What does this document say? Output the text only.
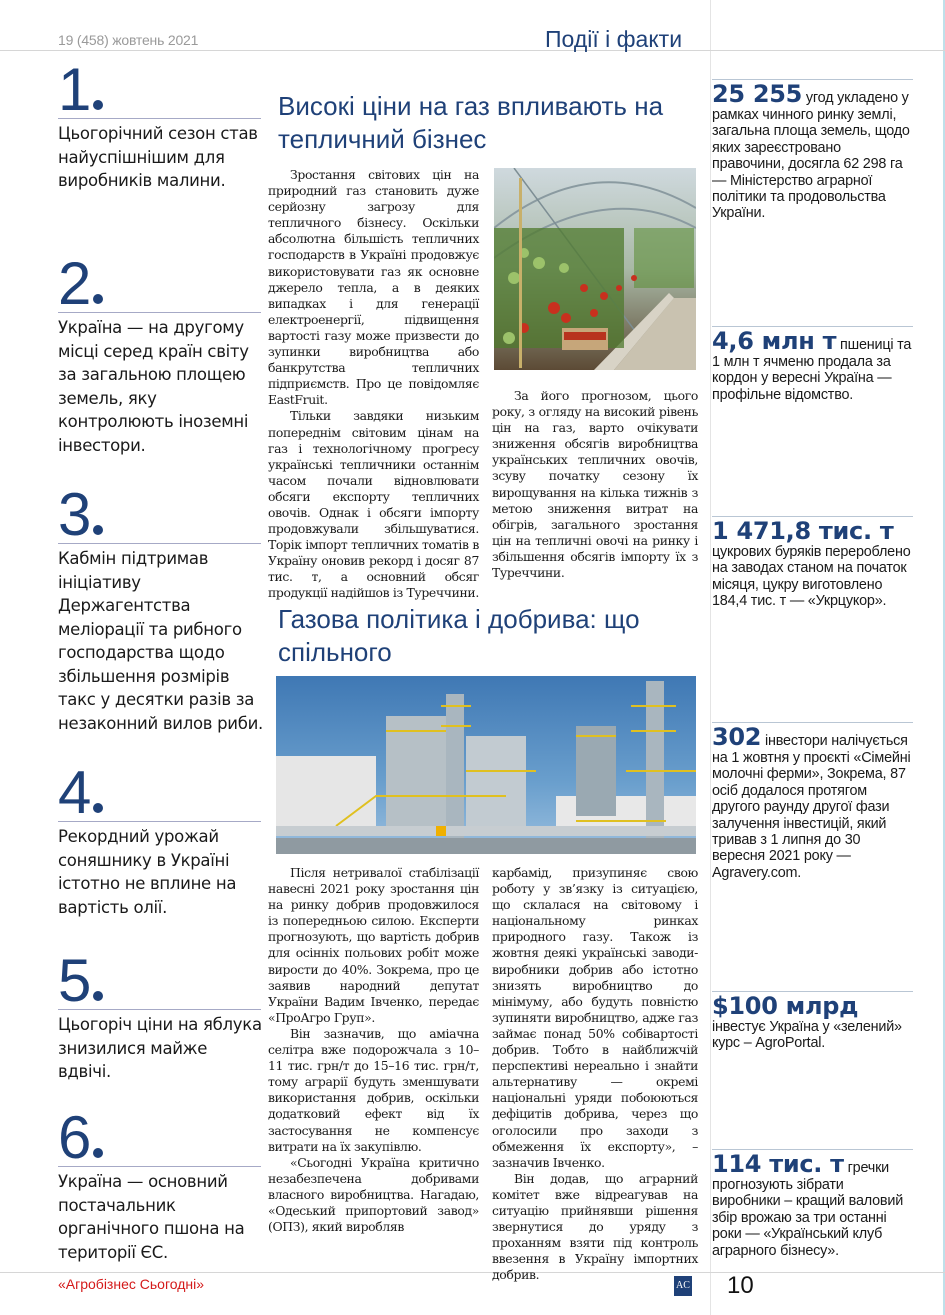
19 (458) жовтень 2021	Події і факти
1
Цьогорічний сезон став найуспішнішим для виробників малини.
2
Україна — на другому місці серед країн світу за загальною площею земель, яку контролюють іноземні інвестори.
3
Кабмін підтримав ініціативу Держагентства меліорації та рибного господарства щодо збільшення розмірів такс у десятки разів за незаконний вилов риби.
4
Рекордний урожай соняшнику в Україні істотно не вплине на вартість олії.
5
Цьогоріч ціни на яблука знизилися майже вдвічі.
6
Україна — основний постачальник органічного пшона на території ЄС.
Високі ціни на газ впливають на тепличний бізнес

Зростання світових цін на природний газ становить дуже серйозну загрозу для тепличного бізнесу. Оскільки абсолютна більшість тепличних господарств в Україні продовжує використовувати газ як основне джерело тепла, а в деяких випадках і для генерації електроенергії, підвищення вартості газу може призвести до зупинки виробництва або банкрутства тепличних підприємств. Про це повідомляє EastFruit.

Тільки завдяки низьким попереднім світовим цінам на газ і технологічному прогресу українські тепличники останнім часом почали відновлювати обсяги експорту тепличних овочів. Однак і обсяги імпорту продовжували збільшуватися. Торік імпорт тепличних томатів в Україну оновив рекорд і досяг 87 тис. т, а основний обсяг продукції надійшов із Туреччини.

За його прогнозом, цього року, з огляду на високий рівень цін на газ, варто очікувати зниження обсягів виробництва українських тепличних овочів, зсуву початку сезону їх вирощування на кілька тижнів з метою зниження витрат на обігрів, загального зростання цін на тепличні овочі на ринку і збільшення обсягів імпорту їх з Туреччини.

Газова політика і добрива: що спільного

Після нетривалої стабілізації навесні 2021 року зростання цін на ринку добрив продовжилося із попередньою силою. Експерти прогнозують, що вартість добрив для осінніх польових робіт може вирости до 40%. Зокрема, про це заявив народний депутат України Вадим Івченко, передає «ПроАгро Груп».

Він зазначив, що аміачна селітра вже подорожчала з 10–11 тис. грн/т до 15–16 тис. грн/т, тому аграрії будуть зменшувати використання добрив, оскільки додатковий ефект від їх застосування не компенсує витрати на їх закупівлю.

«Сьогодні Україна критично незабезпечена добривами власного виробництва. Нагадаю, «Одеський припортовий завод» (ОПЗ), який виробляв

карбамід, призупиняє свою роботу у зв’язку із ситуацією, що склалася на світовому і національному ринках природного газу. Також із жовтня деякі українські заводи-виробники добрив або істотно знизять виробництво до мінімуму, або будуть повністю зупиняти виробництво, адже газ займає понад 50% собівартості добрив. Тобто в найближчій перспективі нереально і знайти альтернативу — окремі національні уряди побоюються дефіцитів добрива, через що оголосили про заходи з обмеження їх експорту», – зазначив Івченко.

Він додав, що аграрний комітет вже відреагував на ситуацію прийнявши рішення звернутися до уряду з проханням взяти під контроль ввезення в Україну імпортних добрив.

25 255 угод укладено у рамках чинного ринку землі, загальна площа земель, щодо яких зареєстровано правочини, досягла 62 298 га — Міністерство аграрної політики та продовольства України.
4,6 млн т пшениці та 1 млн т ячменю продала за кордон у вересні Україна — профільне відомство.
1 471,8 тис. т цукрових буряків перероблено на заводах станом на початок місяця, цукру виготовлено 184,4 тис. т — «Укрцукор».
302 інвестори налічується на 1 жовтня у проєкті «Сімейні молочні ферми», Зокрема, 87 осіб додалося протягом другого раунду другої фази залучення інвестицій, який тривав з 1 липня до 30 вересня 2021 року — Agravery.com.
$100 млрд інвестує Україна у «зелений» курс – AgroPortal.
114 тис. т гречки прогнозують зібрати виробники – кращий валовий збір врожаю за три останні роки — «Український клуб аграрного бізнесу».
«Агробізнес Сьогодні»	AC 10
